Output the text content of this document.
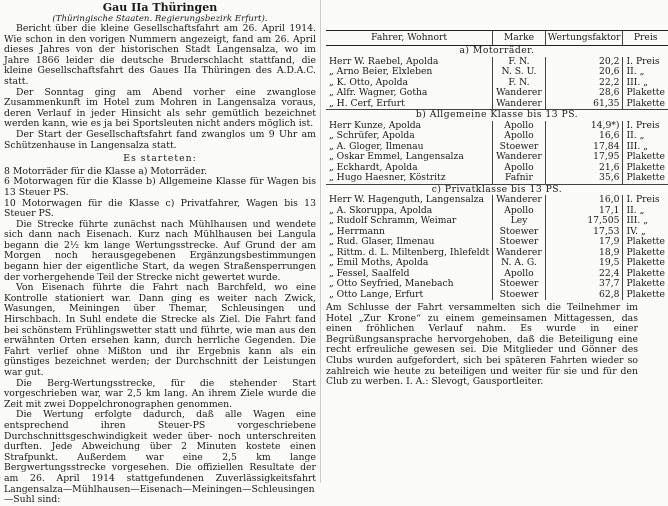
Gau IIa Thüringen
(Thüringische Staaten. Regierungsbezirk Erfurt).

Bericht über die kleine Gesellschaftsfahrt am 26. April 1914. Wie schon in den vorigen Nummern angezeigt, fand am 26. April dieses Jahres von der historischen Stadt Langensalza, wo im Jahre 1866 leider die deutsche Bruderschlacht stattfand, die kleine Gesellschaftsfahrt des Gaues IIa Thüringen des A.D.A.C. statt.

Der Sonntag ging am Abend vorher eine zwanglose Zusammenkunft im Hotel zum Mohren in Langensalza voraus, deren Verlauf in jeder Hinsicht als sehr gemütlich bezeichnet werden kann, wie es ja bei Sportsleuten nicht anders möglich ist.

Der Start der Gesellschaftsfahrt fand zwanglos um 9 Uhr am Schützenhause in Langensalza statt.

Es starteten:

8 Motorräder für die Klasse a) Motorräder.

6 Motorwagen für die Klasse b) Allgemeine Klasse für Wagen bis 13 Steuer PS.

10 Motorwagen für die Klasse c) Privatfahrer, Wagen bis 13 Steuer PS.

Die Strecke führte zunächst nach Mühlhausen und wendete sich dann nach Eisenach. Kurz nach Mühlhausen bei Langula begann die 2½ km lange Wertungsstrecke. Auf Grund der am Morgen noch herausgegebenen Ergänzungsbestimmungen begann hier der eigentliche Start, da wegen Straßensperrungen der vorhergehende Teil der Strecke nicht gewertet wurde.

Von Eisenach führte die Fahrt nach Barchfeld, wo eine Kontrolle stationiert war. Dann ging es weiter nach Zwick, Wasungen, Meiningen über Themar, Schleusingen und Hirschbach. In Suhl endete die Strecke als Ziel. Die Fahrt fand bei schönstem Frühlingswetter statt und führte, wie man aus den erwähnten Orten ersehen kann, durch herrliche Gegenden. Die Fahrt verlief ohne Mißton und ihr Ergebnis kann als ein günstiges bezeichnet werden; der Durchschnitt der Leistungen war gut.

Die Berg-Wertungsstrecke, für die stehender Start vorgeschrieben war, war 2,5 km lang. An ihrem Ziele wurde die Zeit mit zwei Doppelchronographen genommen.

Die Wertung erfolgte dadurch, daß alle Wagen eine entsprechend ihren Steuer-PS vorgeschriebene Durchschnittsgeschwindigkeit weder über- noch unterschreiten durften. Jede Abweichung über 2 Minuten kostete einen Strafpunkt. Außerdem war eine 2,5 km lange Bergwertungsstrecke vorgesehen. Die offiziellen Resultate der am 26. April 1914 stattgefundenen Zuverlässigkeitsfahrt Langensalza—Mühlhausen—Eisenach—Meiningen—Schleusingen—Suhl sind:

Fahrer, Wohnort	Marke	Wertungsfaktor	Preis
a) Motorräder.			
Herr W. Raebel, Apolda	F. N.	20,2	I. Preis
„ Arno Beier, Elxleben	N. S. U.	20,6	II. „
„ K. Otto, Apolda	F. N.	22,2	III. „
„ Alfr. Wagner, Gotha	Wanderer	28,6	Plakette
„ H. Cerf, Erfurt	Wanderer	61,35	Plakette
b) Allgemeine Klasse bis 13 PS.			
Herr Kunze, Apolda	Apollo	14,9*)	I. Preis
„ Schrüfer, Apolda	Apollo	16,6	II. „
„ A. Gloger, Ilmenau	Stoewer	17,84	III. „
„ Oskar Emmel, Langensalza	Wanderer	17,95	Plakette
„ Eckhardt, Apolda	Apollo	21,6	Plakette
„ Hugo Haesner, Köstritz	Fafnir	35,6	Plakette
c) Privatklasse bis 13 PS.			
Herr W. Hagenguth, Langensalza	Wanderer	16,0	I. Preis
„ A. Skoruppa, Apolda	Apollo	17,1	II. „
„ Rudolf Schramm, Weimar	Ley	17,505	III. „
„ Herrmann	Stoewer	17,53	IV. „
„ Rud. Glaser, Ilmenau	Stoewer	17,9	Plakette
„ Rittm. d. L. Miltenberg, Ihlefeldt	Wanderer	18,9	Plakette
„ Emil Moths, Apolda	N. A. G.	19,5	Plakette
„ Fessel, Saalfeld	Apollo	22,4	Plakette
„ Otto Seyfried, Manebach	Stoewer	37,7	Plakette
„ Otto Lange, Erfurt	Stoewer	62,8	Plakette
Am Schlusse der Fahrt versammelten sich die Teilnehmer im Hotel „Zur Krone“ zu einem gemeinsamen Mittagessen, das einen fröhlichen Verlauf nahm. Es wurde in einer Begrüßungsansprache hervorgehoben, daß die Beteiligung eine recht erfreuliche gewesen sei. Die Mitglieder und Gönner des Clubs wurden aufgefordert, sich bei späteren Fahrten wieder so zahlreich wie heute zu beteiligen und weiter für sie und für den Club zu werben. I. A.: Slevogt, Gausportleiter.
